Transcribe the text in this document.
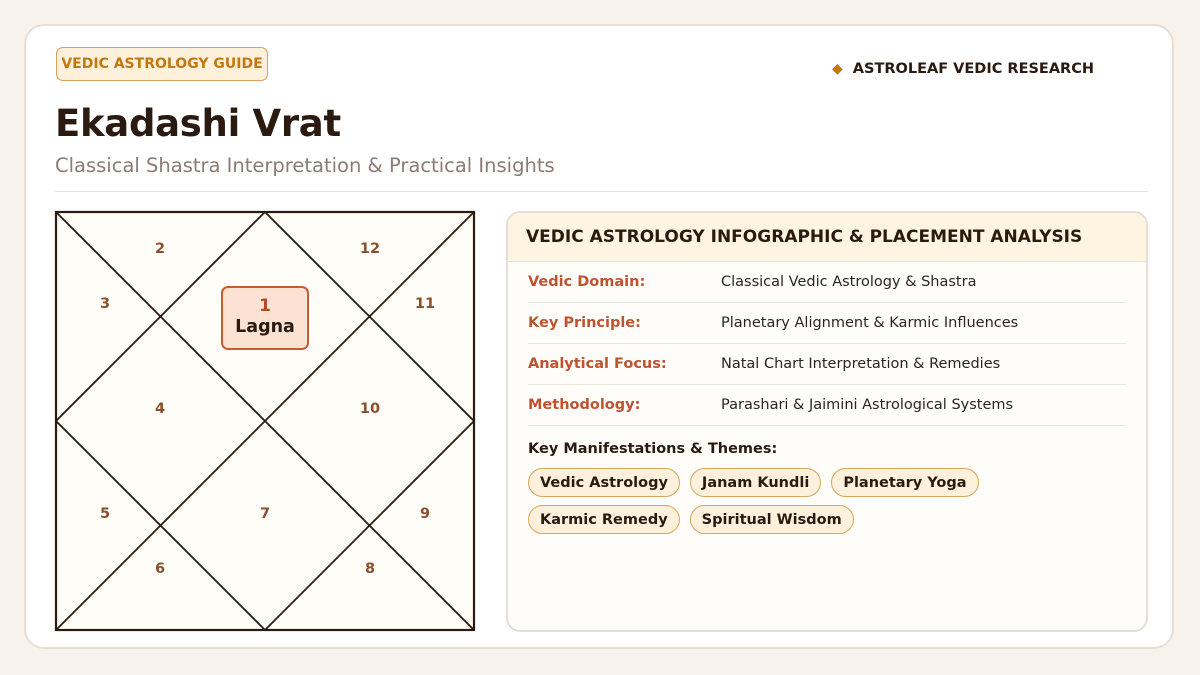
VEDIC ASTROLOGY GUIDE	◆ ASTROLEAF VEDIC RESEARCH
Ekadashi Vrat
Classical Shastra Interpretation & Practical Insights
2	12
3	11
4	10
5	7	9
6	8
1
Lagna
VEDIC ASTROLOGY INFOGRAPHIC & PLACEMENT ANALYSIS
Vedic Domain:	Classical Vedic Astrology & Shastra
Key Principle:	Planetary Alignment & Karmic Influences
Analytical Focus:	Natal Chart Interpretation & Remedies
Methodology:	Parashari & Jaimini Astrological Systems
Key Manifestations & Themes:
Vedic Astrology	Janam Kundli	Planetary Yoga
Karmic Remedy	Spiritual Wisdom
